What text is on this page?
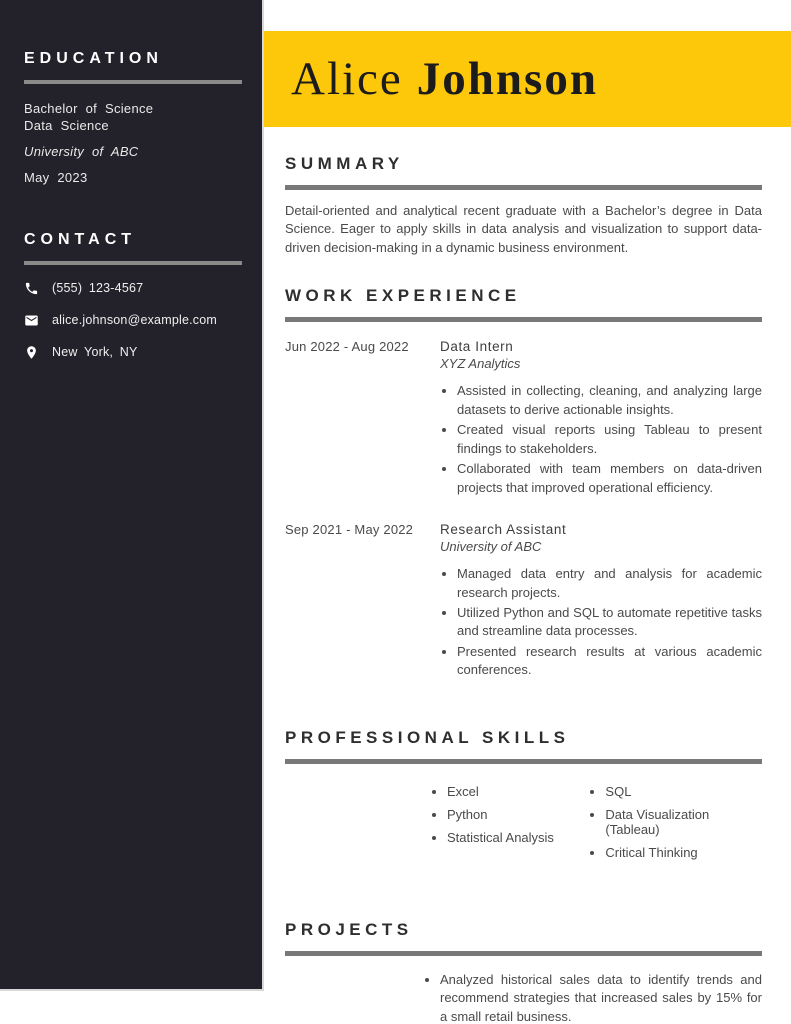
EDUCATION
Bachelor of Science
Data Science
University of ABC
May 2023
CONTACT
(555) 123-4567
alice.johnson@example.com
New York, NY
Alice Johnson
SUMMARY

Detail-oriented and analytical recent graduate with a Bachelor’s degree in Data Science. Eager to apply skills in data analysis and visualization to support data-driven decision-making in a dynamic business environment.

WORK EXPERIENCE
Jun 2022 - Aug 2022	Data Intern
XYZ Analytics
• Assisted in collecting, cleaning, and analyzing large datasets to derive actionable insights.
• Created visual reports using Tableau to present findings to stakeholders.
• Collaborated with team members on data-driven projects that improved operational efficiency.
Sep 2021 - May 2022	Research Assistant
University of ABC
• Managed data entry and analysis for academic research projects.
• Utilized Python and SQL to automate repetitive tasks and streamline data processes.
• Presented research results at various academic conferences.
PROFESSIONAL SKILLS
• Excel
• Python
• Statistical Analysis
• SQL
• Data Visualization (Tableau)
• Critical Thinking
PROJECTS
• Analyzed historical sales data to identify trends and recommend strategies that increased sales by 15% for a small retail business.
